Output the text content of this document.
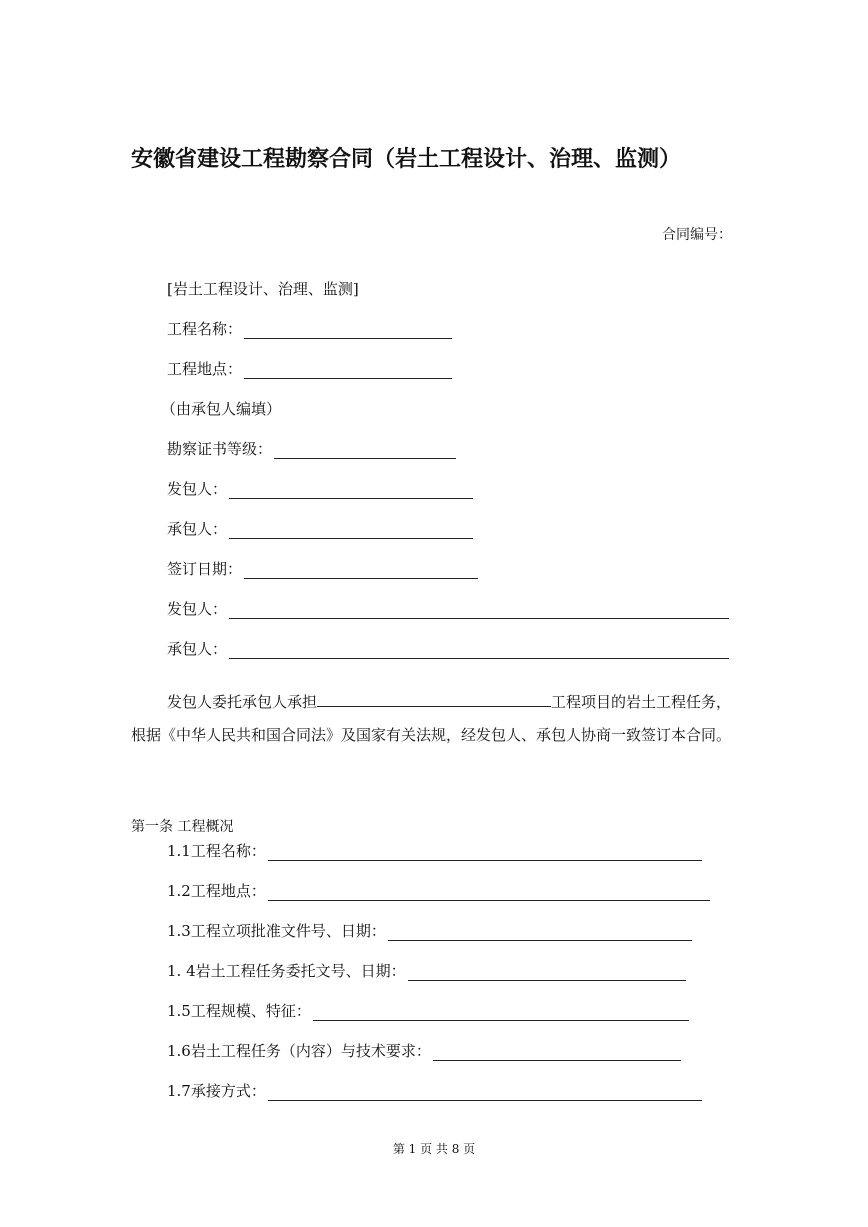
安徽省建设工程勘察合同（岩土工程设计、治理、监测）
合同编号：
[岩土工程设计、治理、监测]
工程名称：
工程地点：
（由承包人编填）
勘察证书等级：
发包人：
承包人：
签订日期：
发包人：
承包人：
发包人委托承包人承担	工程项目的岩土工程任务，根据《中华人民共和国合同法》及国家有关法规，经发包人、承包人协商一致签订本合同。
第一条 工程概况
1.1工程名称：
1.2工程地点：
1.3工程立项批准文件号、日期：
1. 4岩土工程任务委托文号、日期：
1.5工程规模、特征：
1.6岩土工程任务（内容）与技术要求：
1.7承接方式：
第 1 页 共 8 页
